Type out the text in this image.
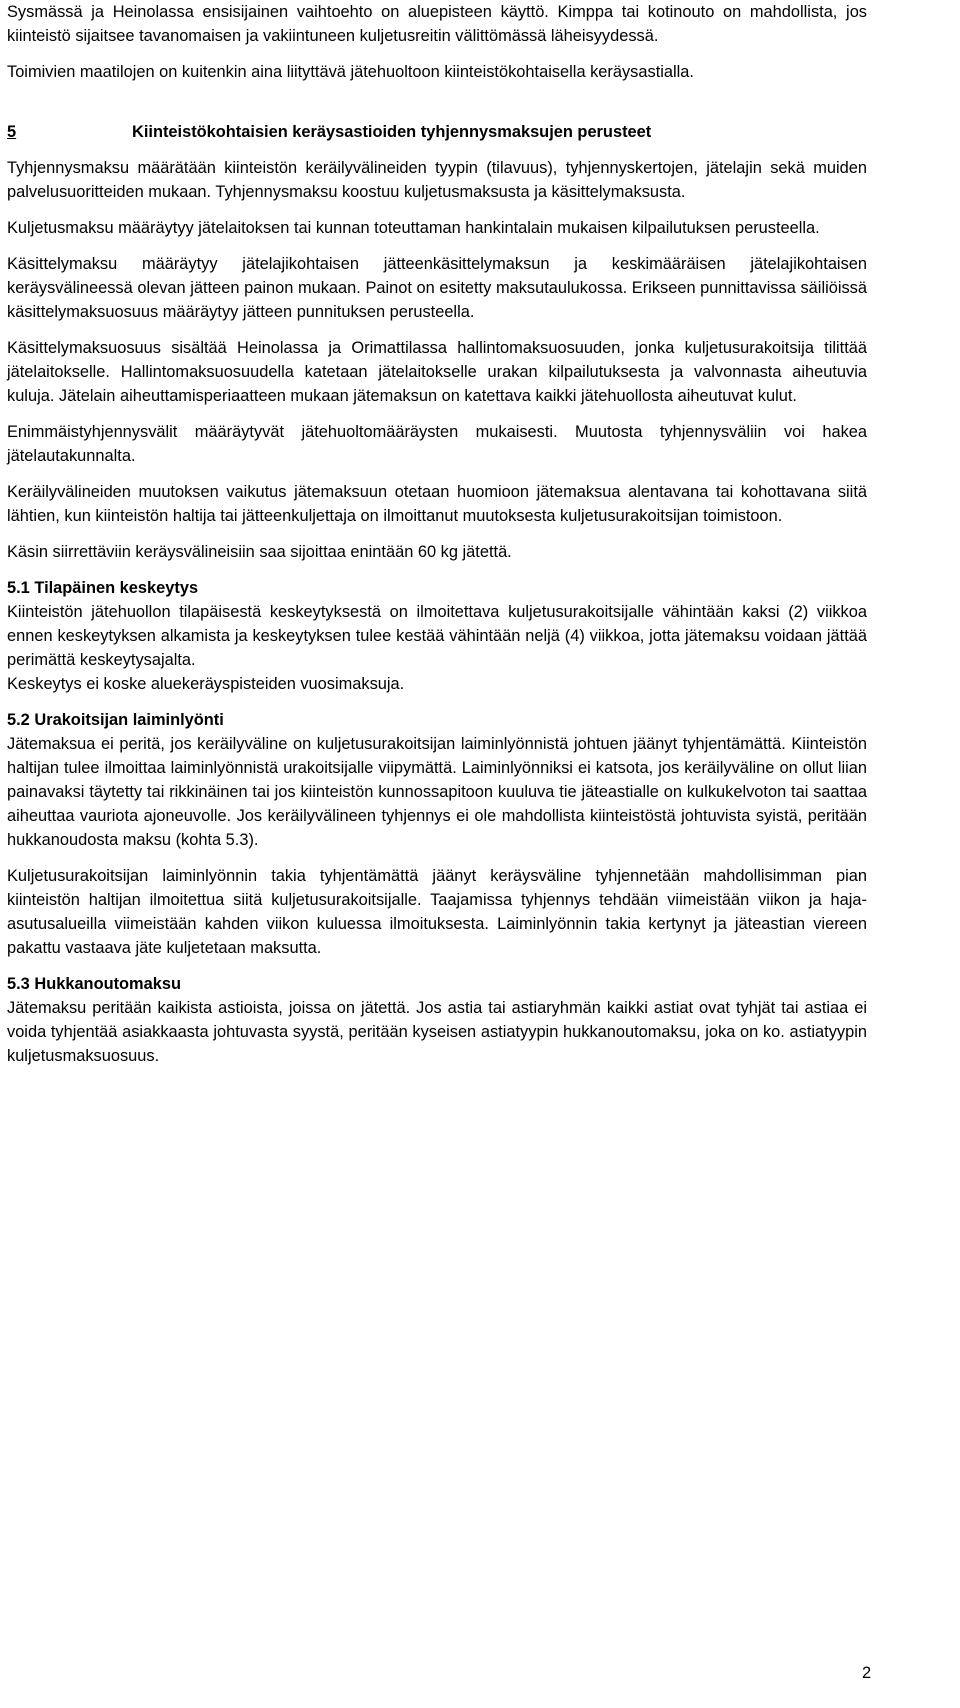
Sysmässä ja Heinolassa ensisijainen vaihtoehto on aluepisteen käyttö. Kimppa tai kotinouto on mahdollista, jos kiinteistö sijaitsee tavanomaisen ja vakiintuneen kuljetusreitin välittömässä läheisyydessä.

Toimivien maatilojen on kuitenkin aina liityttävä jätehuoltoon kiinteistökohtaisella keräysastialla.

5	Kiinteistökohtaisien keräysastioiden tyhjennysmaksujen perusteet

Tyhjennysmaksu määrätään kiinteistön keräilyvälineiden tyypin (tilavuus), tyhjennyskertojen, jätelajin sekä muiden palvelusuoritteiden mukaan. Tyhjennysmaksu koostuu kuljetusmaksusta ja käsittelymaksusta.

Kuljetusmaksu määräytyy jätelaitoksen tai kunnan toteuttaman hankintalain mukaisen kilpailutuksen perusteella.

Käsittelymaksu määräytyy jätelajikohtaisen jätteenkäsittelymaksun ja keskimääräisen jätelajikohtaisen keräysvälineessä olevan jätteen painon mukaan. Painot on esitetty maksutaulukossa. Erikseen punnittavissa säiliöissä käsittelymaksuosuus määräytyy jätteen punnituksen perusteella.

Käsittelymaksuosuus sisältää Heinolassa ja Orimattilassa hallintomaksuosuuden, jonka kuljetusurakoitsija tilittää jätelaitokselle. Hallintomaksuosuudella katetaan jätelaitokselle urakan kilpailutuksesta ja valvonnasta aiheutuvia kuluja. Jätelain aiheuttamisperiaatteen mukaan jätemaksun on katettava kaikki jätehuollosta aiheutuvat kulut.

Enimmäistyhjennysvälit määräytyvät jätehuoltomääräysten mukaisesti. Muutosta tyhjennysväliin voi hakea jätelautakunnalta.

Keräilyvälineiden muutoksen vaikutus jätemaksuun otetaan huomioon jätemaksua alentavana tai kohottavana siitä lähtien, kun kiinteistön haltija tai jätteenkuljettaja on ilmoittanut muutoksesta kuljetusurakoitsijan toimistoon.

Käsin siirrettäviin keräysvälineisiin saa sijoittaa enintään 60 kg jätettä.

5.1 Tilapäinen keskeytys

Kiinteistön jätehuollon tilapäisestä keskeytyksestä on ilmoitettava kuljetusurakoitsijalle vähintään kaksi (2) viikkoa ennen keskeytyksen alkamista ja keskeytyksen tulee kestää vähintään neljä (4) viikkoa, jotta jätemaksu voidaan jättää perimättä keskeytysajalta.

Keskeytys ei koske aluekeräyspisteiden vuosimaksuja.

5.2 Urakoitsijan laiminlyönti

Jätemaksua ei peritä, jos keräilyväline on kuljetusurakoitsijan laiminlyönnistä johtuen jäänyt tyhjentämättä. Kiinteistön haltijan tulee ilmoittaa laiminlyönnistä urakoitsijalle viipymättä. Laiminlyönniksi ei katsota, jos keräilyväline on ollut liian painavaksi täytetty tai rikkinäinen tai jos kiinteistön kunnossapitoon kuuluva tie jäteastialle on kulkukelvoton tai saattaa aiheuttaa vauriota ajoneuvolle. Jos keräilyvälineen tyhjennys ei ole mahdollista kiinteistöstä johtuvista syistä, peritään hukkanoudosta maksu (kohta 5.3).

Kuljetusurakoitsijan laiminlyönnin takia tyhjentämättä jäänyt keräysväline tyhjennetään mahdollisimman pian kiinteistön haltijan ilmoitettua siitä kuljetusurakoitsijalle. Taajamissa tyhjennys tehdään viimeistään viikon ja haja-asutusalueilla viimeistään kahden viikon kuluessa ilmoituksesta. Laiminlyönnin takia kertynyt ja jäteastian viereen pakattu vastaava jäte kuljetetaan maksutta.

5.3 Hukkanoutomaksu

Jätemaksu peritään kaikista astioista, joissa on jätettä. Jos astia tai astiaryhmän kaikki astiat ovat tyhjät tai astiaa ei voida tyhjentää asiakkaasta johtuvasta syystä, peritään kyseisen astiatyypin hukkanoutomaksu, joka on ko. astiatyypin kuljetusmaksuosuus.

2
